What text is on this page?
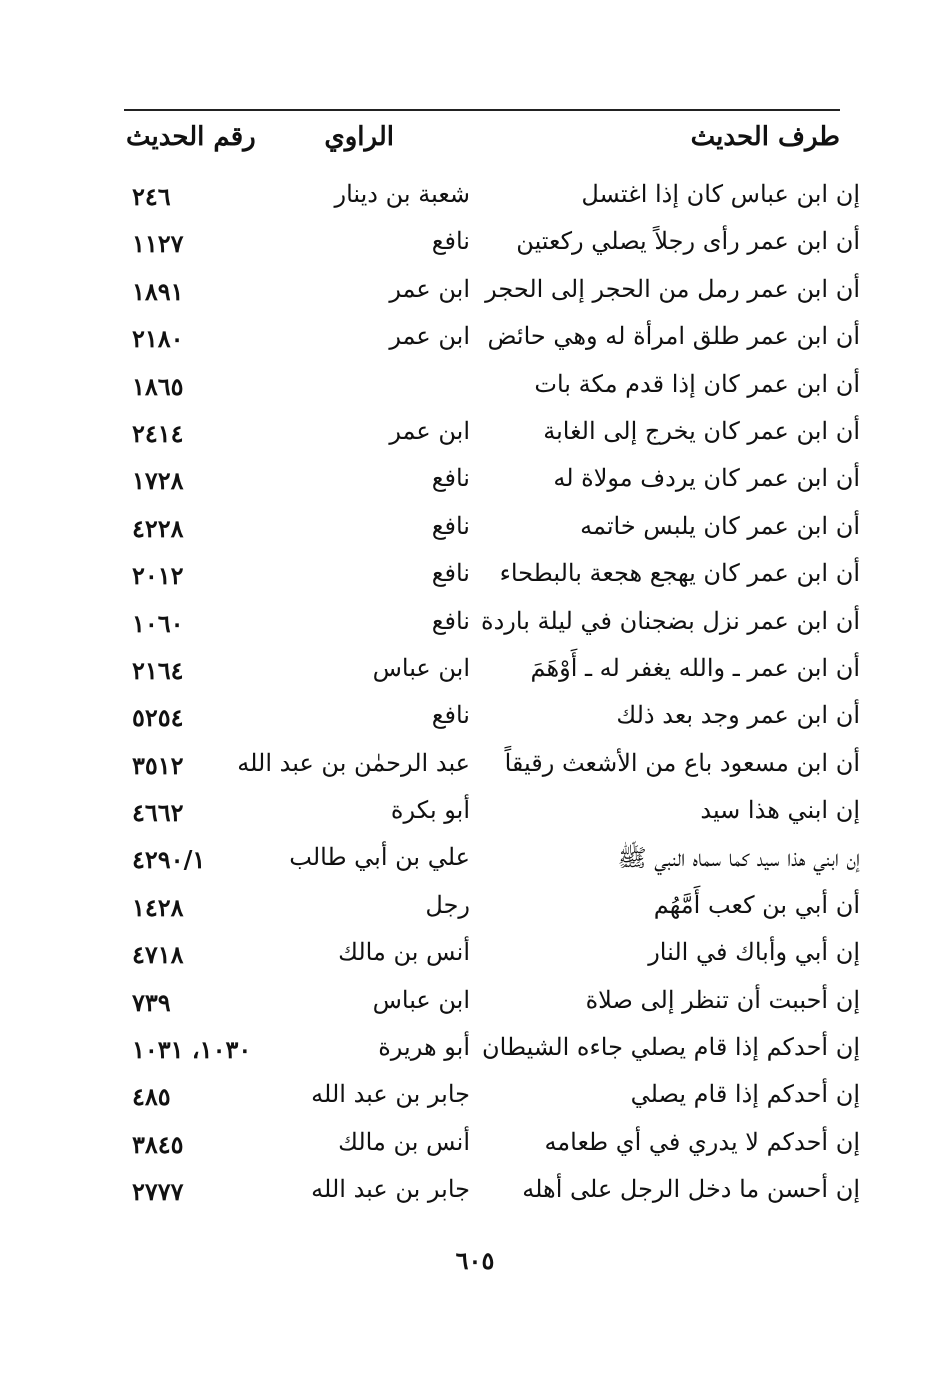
طرف الحديث
الراوي
رقم الحديث
إن ابن عباس كان إذا اغتسل
شعبة بن دينار
٢٤٦
أن ابن عمر رأى رجلاً يصلي ركعتين
نافع
١١٢٧
أن ابن عمر رمل من الحجر إلى الحجر
ابن عمر
١٨٩١
أن ابن عمر طلق امرأة له وهي حائض
ابن عمر
٢١٨٠
أن ابن عمر كان إذا قدم مكة بات
١٨٦٥
أن ابن عمر كان يخرج إلى الغابة
ابن عمر
٢٤١٤
أن ابن عمر كان يردف مولاة له
نافع
١٧٢٨
أن ابن عمر كان يلبس خاتمه
نافع
٤٢٢٨
أن ابن عمر كان يهجع هجعة بالبطحاء
نافع
٢٠١٢
أن ابن عمر نزل بضجنان في ليلة باردة
نافع
١٠٦٠
أن ابن عمر ـ والله يغفر له ـ أَوْهَمَ
ابن عباس
٢١٦٤
أن ابن عمر وجد بعد ذلك
نافع
٥٢٥٤
أن ابن مسعود باع من الأشعث رقيقاً
عبد الرحمٰن بن عبد الله
٣٥١٢
إن ابني هذا سيد
أبو بكرة
٤٦٦٢
إن ابني هذا سيد كما سماه النبي ﷺ
علي بن أبي طالب
٤٢٩٠/١
أن أبي بن كعب أَمَّهُم
رجل
١٤٢٨
إن أبي وأباك في النار
أنس بن مالك
٤٧١٨
إن أحببت أن تنظر إلى صلاة
ابن عباس
٧٣٩
إن أحدكم إذا قام يصلي جاءه الشيطان
أبو هريرة
١٠٣٠، ١٠٣١
إن أحدكم إذا قام يصلي
جابر بن عبد الله
٤٨٥
إن أحدكم لا يدري في أي طعامه
أنس بن مالك
٣٨٤٥
إن أحسن ما دخل الرجل على أهله
جابر بن عبد الله
٢٧٧٧
٦٠٥
